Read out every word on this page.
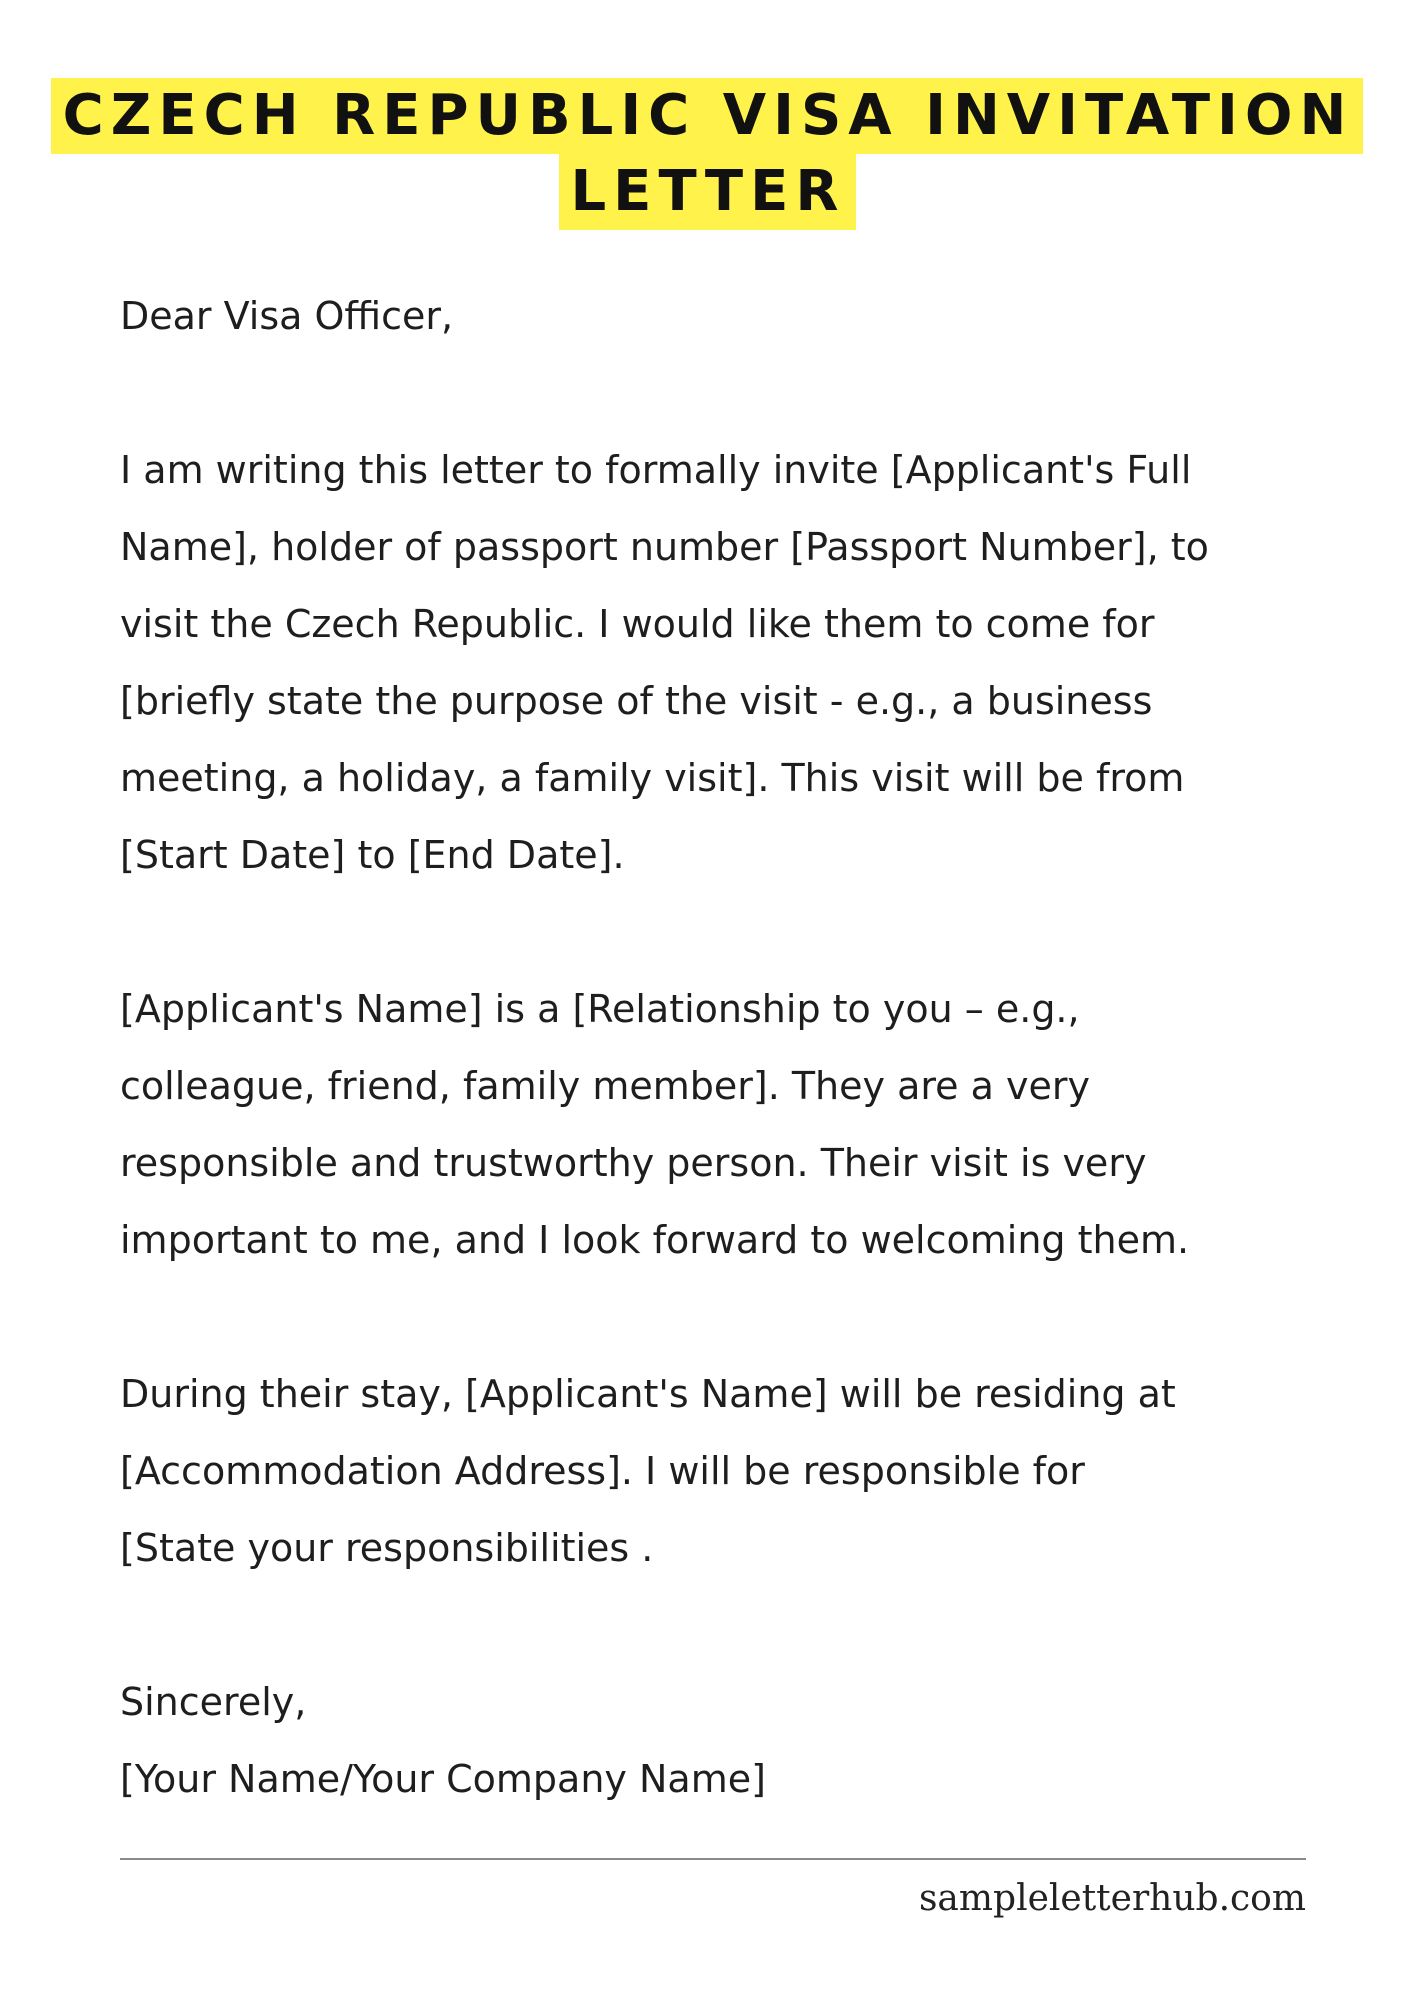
CZECH REPUBLIC VISA INVITATION
LETTER

Dear Visa Officer,

I am writing this letter to formally invite [Applicant's Full

Name], holder of passport number [Passport Number], to

visit the Czech Republic. I would like them to come for

[briefly state the purpose of the visit - e.g., a business

meeting, a holiday, a family visit]. This visit will be from

[Start Date] to [End Date].

[Applicant's Name] is a [Relationship to you – e.g.,

colleague, friend, family member]. They are a very

responsible and trustworthy person. Their visit is very

important to me, and I look forward to welcoming them.

During their stay, [Applicant's Name] will be residing at

[Accommodation Address]. I will be responsible for

[State your responsibilities .

Sincerely,

[Your Name/Your Company Name]

sampleletterhub.com
